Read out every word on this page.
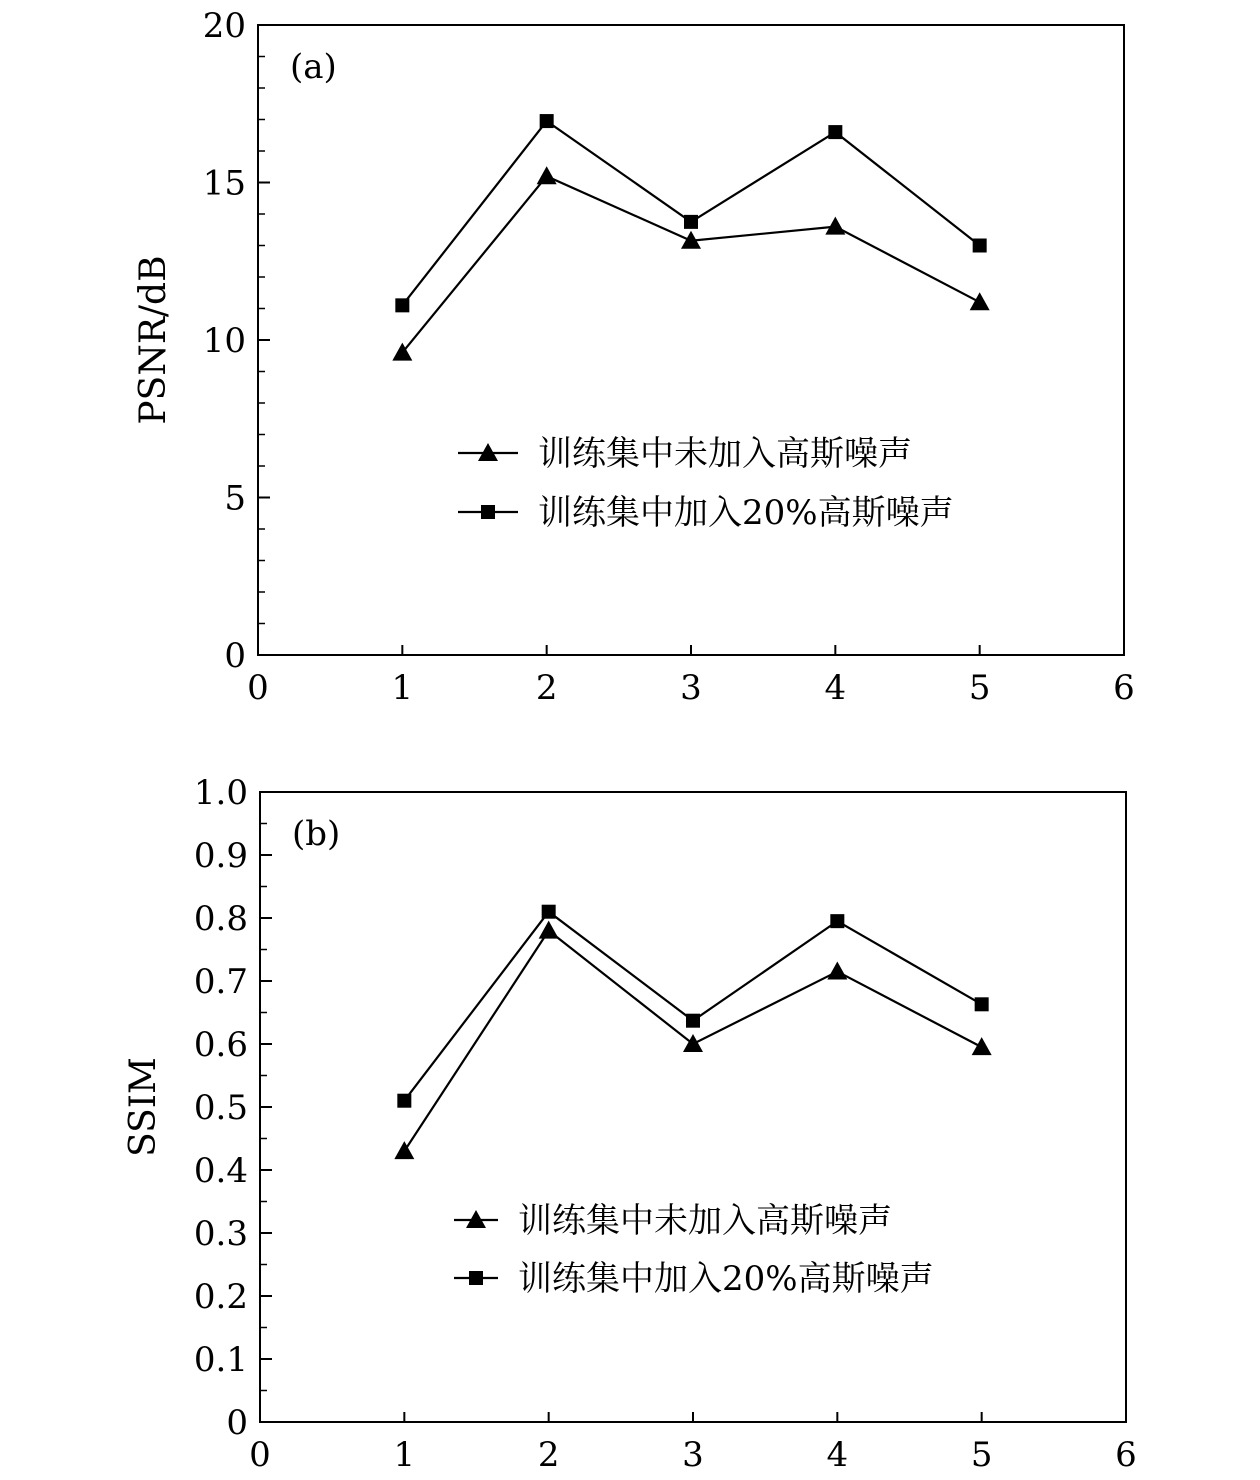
0	1	2	3	4	5	6
0
5
10
15
20
PSNR/dB
(a)
训练集中未加入高斯噪声
训练集中加入20%高斯噪声
0	1	2	3	4	5	6
0
0.1
0.2
0.3
0.4
0.5
0.6
0.7
0.8
0.9
1.0
SSIM
(b)
训练集中未加入高斯噪声
训练集中加入20%高斯噪声
